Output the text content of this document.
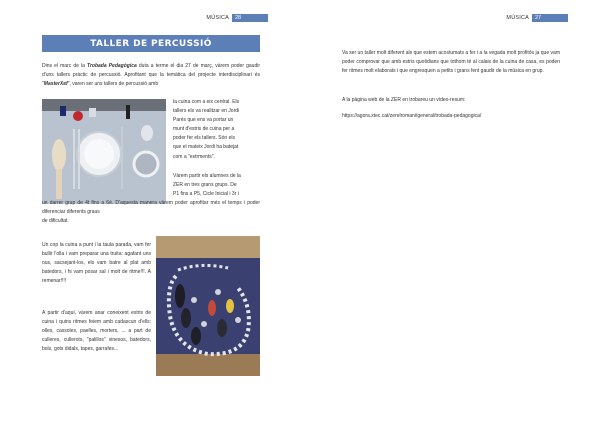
MÚSICA	28
TALLER DE PERCUSSIÓ
Dins el marc de la Trobada Pedagògica duta a terme el dia 27 de març, vàrem poder gaudir d'uns tallers pràctic de percussió. Aprofitant que la temàtica del projecte interdisciplinari és "MasterXef", varen ser uns tallers de percussió amb
la cuina com a eix central. Els
tallers els va realitzar en Jordi
Parés que ens va portar un
munt d'estris de cuina per a
poder fer els tallers. Són els
que el mateix Jordi ha batejat
com a "estrments".
Vàrem partir els alumnes de la
ZER en tres grans grups. De
P1 fins a P5, Cicle Inicial i 3r i
un darrer grup de 4t fins a 6è. D'aquesta manera vàrem poder aprofitar més el temps i poder diferenciar diferents graus
de dificultat.
Un cop la cuina a punt i la taula parada, vam fer bullir l'olla i vam preparar una truita: agafant uns ous, sacsejant-los, els vam batre al plat amb batedors, i hi vam posar sal i molt de ritme!!!. A remenar!!!!
A partir d'aquí, vàrem anar coneixent estris de cuina i quins ritmes feiem amb cadascun d'ells: olles, cassoles, paelles, morters, ... a part de culleres, cullerots, "palillos" xinesos, batedors, bols, gots didals, tapes, garrafes...
MÚSICA	27
Va ser un taller molt diferent als que estem acostumats a fer i a la vegada molt profitós ja que vam poder comprovar que amb estris quotidians que tothom té al calaix de la cuina de casa, es poden fer ritmes molt elaborats i que engresquen a petits i grans fent gaudir de la música en grup.
A la pàgina web de la ZER en trobareu un vídeo-resum:
https://agora.xtec.cat/zerelromani/general/trobada-pedagogica/
